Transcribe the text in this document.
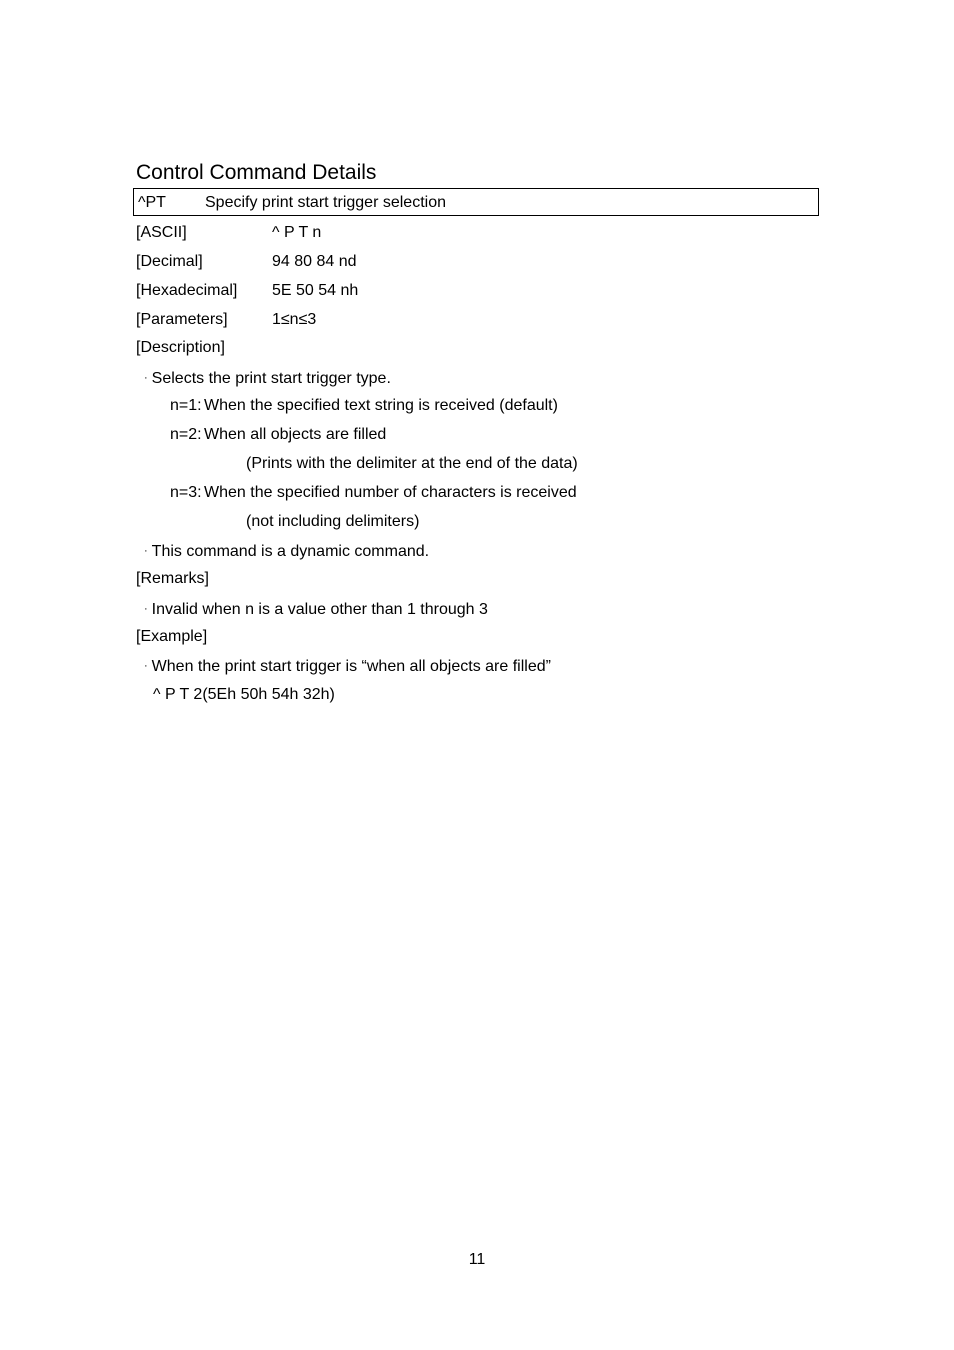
Control Command Details
^PT Specify print start trigger selection
[ASCII]	^ P T n
[Decimal]	94 80 84 nd
[Hexadecimal] 5E 50 54 nh
[Parameters]	1≤n≤3
[Description]
· Selects the print start trigger type.
n=1: When the specified text string is received (default)
n=2: When all objects are filled
(Prints with the delimiter at the end of the data)
n=3: When the specified number of characters is received
(not including delimiters)
· This command is a dynamic command.
[Remarks]
· Invalid when n is a value other than 1 through 3
[Example]
· When the print start trigger is “when all objects are filled”
^ P T 2(5Eh 50h 54h 32h)
11
